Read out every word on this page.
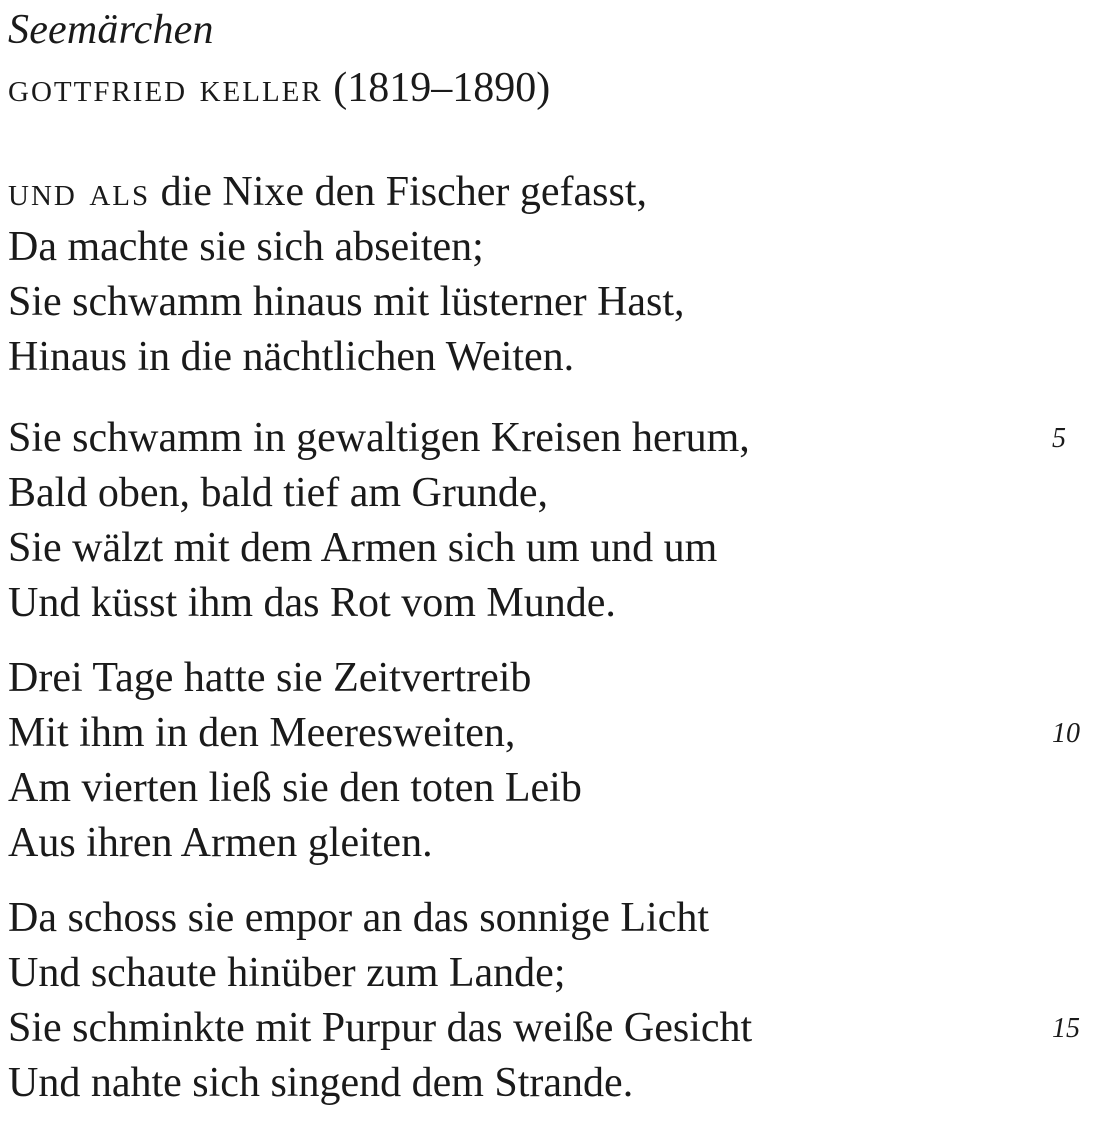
Seemärchen
gottfried keller (1819–1890)
und als die Nixe den Fischer gefasst,
Da machte sie sich abseiten;
Sie schwamm hinaus mit lüsterner Hast,
Hinaus in die nächtlichen Weiten.
Sie schwamm in gewaltigen Kreisen herum,	5
Bald oben, bald tief am Grunde,
Sie wälzt mit dem Armen sich um und um
Und küsst ihm das Rot vom Munde.
Drei Tage hatte sie Zeitvertreib
Mit ihm in den Meeresweiten,	10
Am vierten ließ sie den toten Leib
Aus ihren Armen gleiten.
Da schoss sie empor an das sonnige Licht
Und schaute hinüber zum Lande;
Sie schminkte mit Purpur das weiße Gesicht	15
Und nahte sich singend dem Strande.
